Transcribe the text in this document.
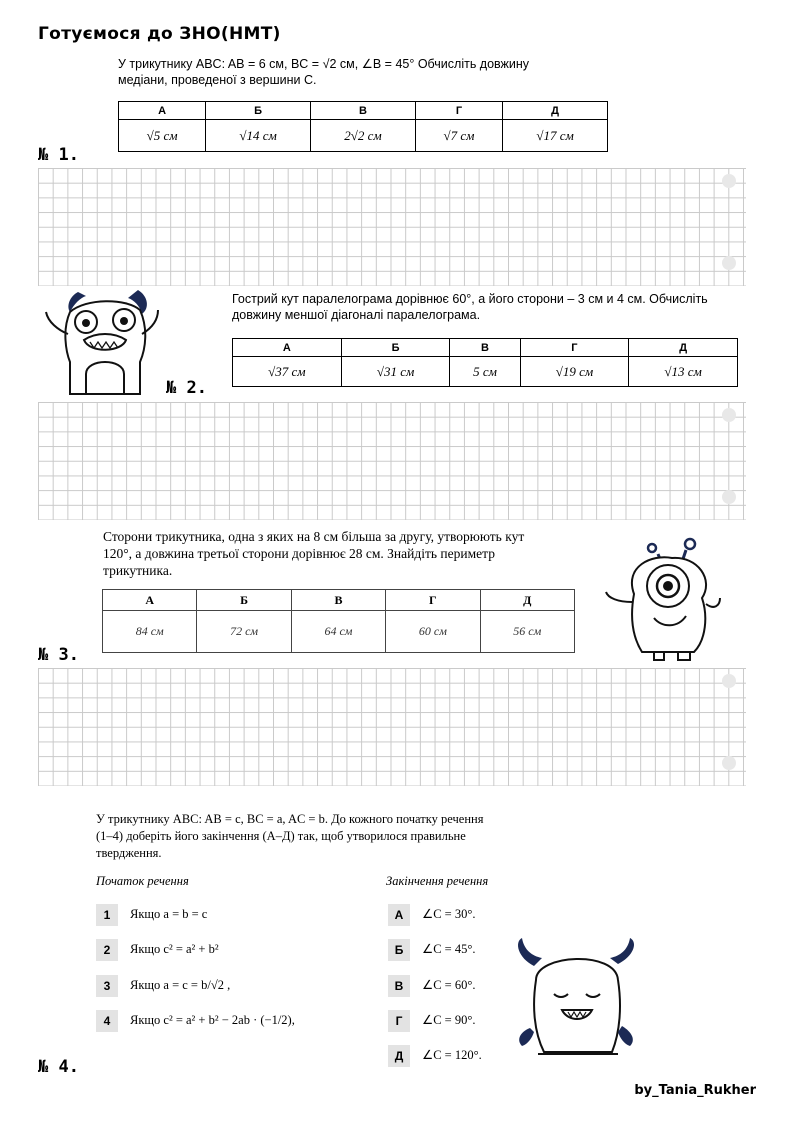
Готуємося до ЗНО(НМТ)
У трикутнику ABC: AB = 6 см, BC = √2 см, ∠B = 45° Обчисліть довжину
медіани, проведеної з вершини C.
А	Б	В	Г	Д
√5 см	√14 см	2√2 см	√7 см	√17 см
№ 1.
Гострий кут паралелограма дорівнює 60°, а його сторони – 3 см и 4 см. Обчисліть
довжину меншої діагоналі паралелограма.
А	Б	В	Г	Д
√37 см	√31 см	5 см	√19 см	√13 см
№ 2.
Сторони трикутника, одна з яких на 8 см більша за другу, утворюють кут
120°, а довжина третьої сторони дорівнює 28 см. Знайдіть периметр
трикутника.
А	Б	В	Г	Д
84 см	72 см	64 см	60 см	56 см
№ 3.
У трикутнику ABC: AB = c, BC = a, AC = b. До кожного початку речення
(1–4) доберіть його закінчення (А–Д) так, щоб утворилося правильне
твердження.
Початок речення	Закінчення речення
1 Якщо a = b = c
2 Якщо c² = a² + b²
3 Якщо a = c = b/√2 ,
4 Якщо c² = a² + b² − 2ab · (−1/2),
А ∠C = 30°.
Б ∠C = 45°.
В ∠C = 60°.
Г ∠C = 90°.
Д ∠C = 120°.
№ 4.
by_Tania_Rukher
